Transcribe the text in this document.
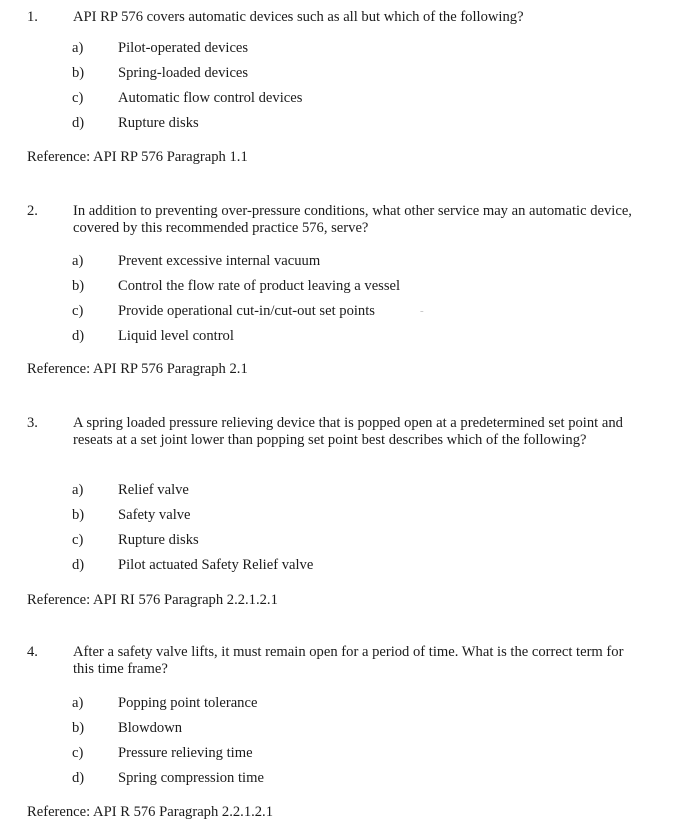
1. API RP 576 covers automatic devices such as all but which of the following?
a)	Pilot-operated devices
b)	Spring-loaded devices
c)	Automatic flow control devices
d)	Rupture disks
Reference: API RP 576 Paragraph 1.1
2. In addition to preventing over-pressure conditions, what other service may an automatic device, covered by this recommended practice 576, serve?
a)	Prevent excessive internal vacuum
b)	Control the flow rate of product leaving a vessel
c)	Provide operational cut-in/cut-out set points
d)	Liquid level control
-
Reference: API RP 576 Paragraph 2.1
3. A spring loaded pressure relieving device that is popped open at a predetermined set point and reseats at a set joint lower than popping set point best describes which of the following?
a)	Relief valve
b)	Safety valve
c)	Rupture disks
d)	Pilot actuated Safety Relief valve
Reference: API RI 576 Paragraph 2.2.1.2.1
4. After a safety valve lifts, it must remain open for a period of time. What is the correct term for this time frame?
a)	Popping point tolerance
b)	Blowdown
c)	Pressure relieving time
d)	Spring compression time
Reference: API R 576 Paragraph 2.2.1.2.1
